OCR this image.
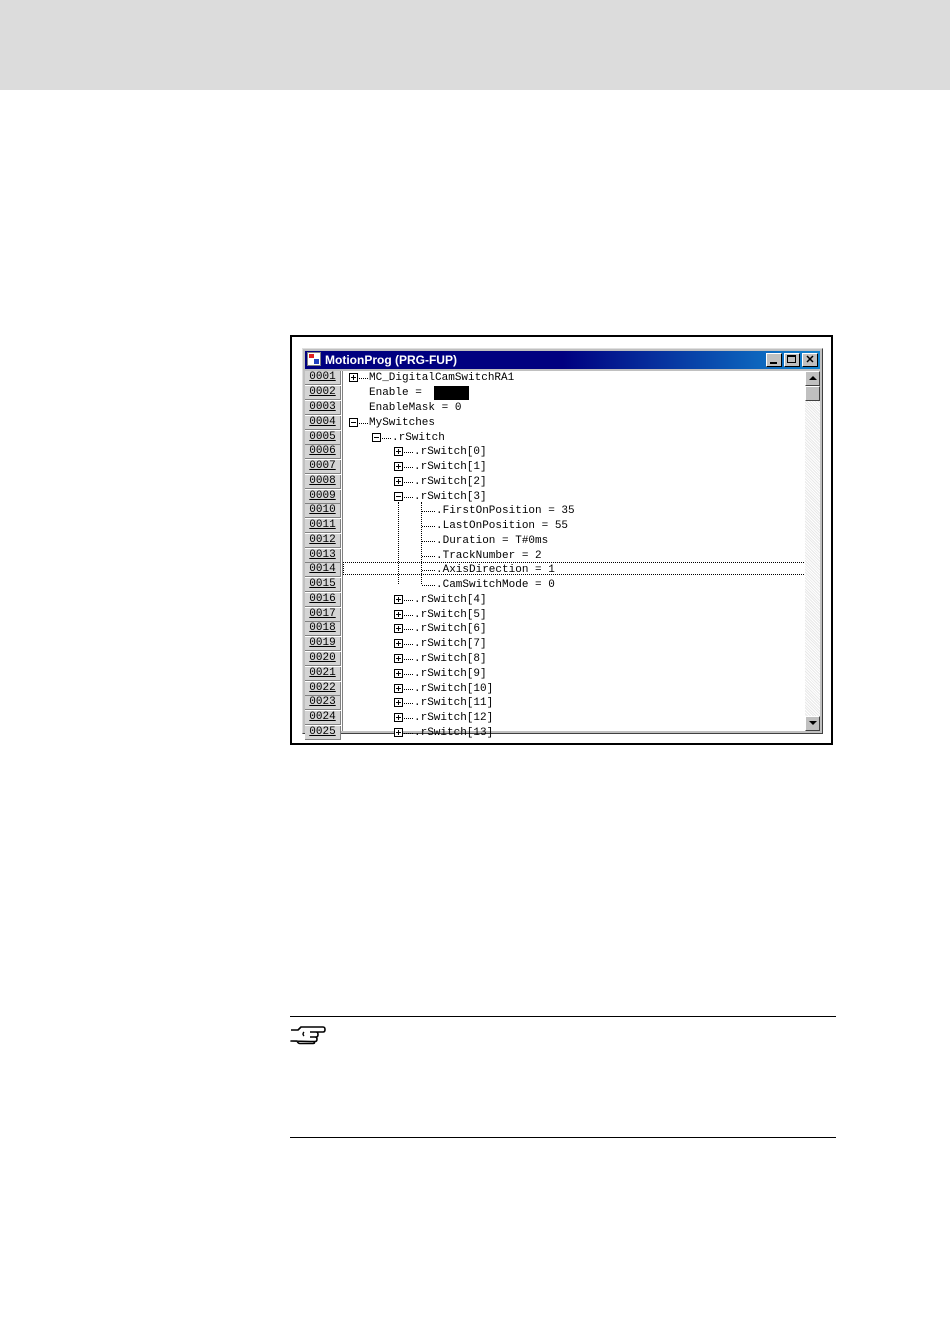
MotionProg (PRG-FUP)	✕
0001
0002
0003
0004
0005
0006
0007
0008
0009
0010
0011
0012
0013
0014
0015
0016
0017
0018
0019
0020
0021
0022
0023
0024
0025
MC_DigitalCamSwitchRA1
Enable = FALSE
EnableMask = 0
MySwitches
.rSwitch
.rSwitch[0]
.rSwitch[1]
.rSwitch[2]
.rSwitch[3]
.FirstOnPosition = 35
.LastOnPosition = 55
.Duration = T#0ms
.TrackNumber = 2
.AxisDirection = 1
.CamSwitchMode = 0
.rSwitch[4]
.rSwitch[5]
.rSwitch[6]
.rSwitch[7]
.rSwitch[8]
.rSwitch[9]
.rSwitch[10]
.rSwitch[11]
.rSwitch[12]
.rSwitch[13]
